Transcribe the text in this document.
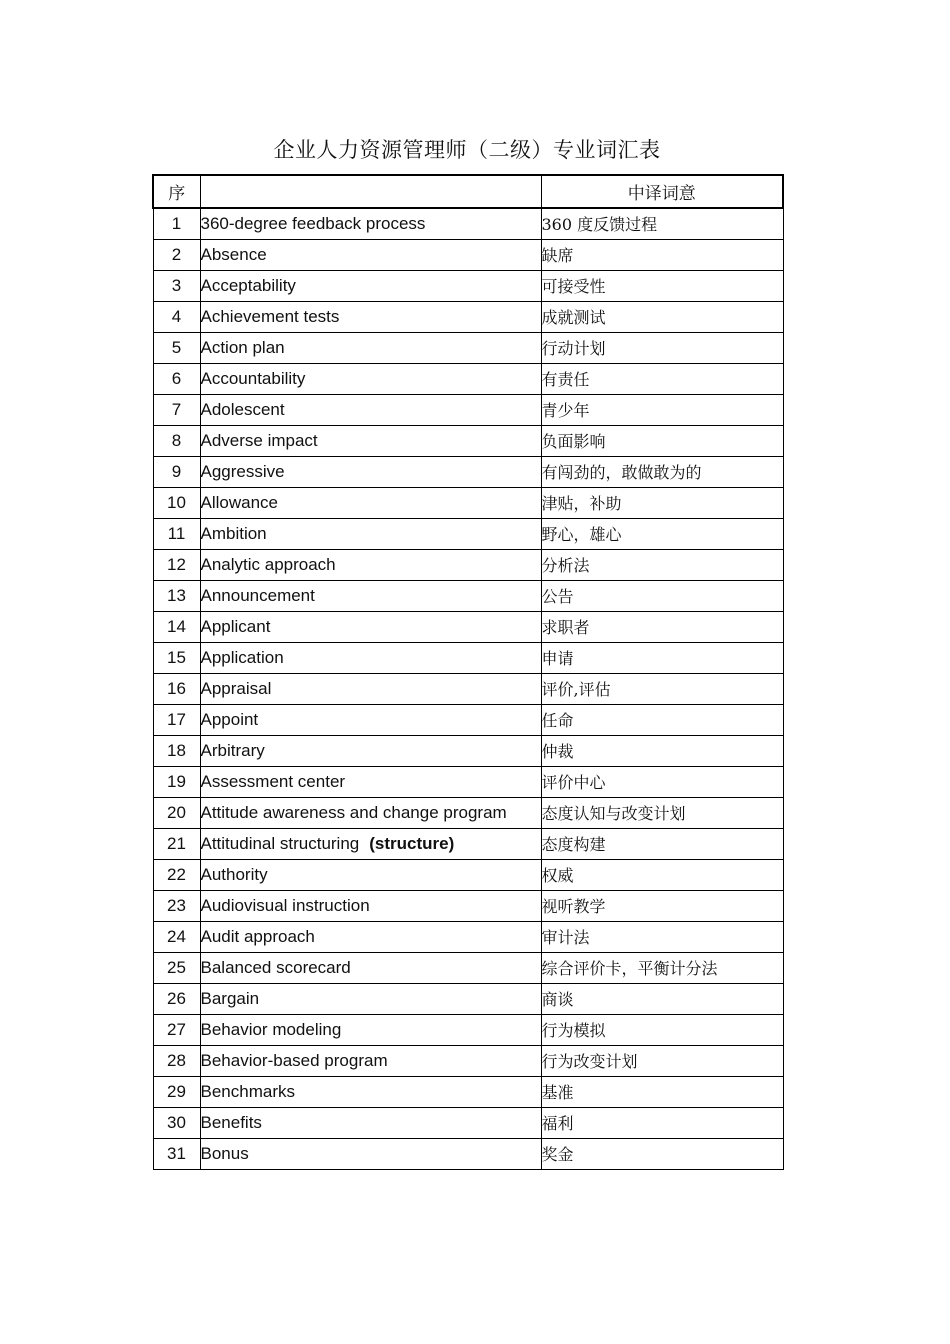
企业人力资源管理师（二级）专业词汇表
序		中译词意
1	360-degree feedback process	360 度反馈过程
2	Absence	缺席
3	Acceptability	可接受性
4	Achievement tests	成就测试
5	Action plan	行动计划
6	Accountability	有责任
7	Adolescent	青少年
8	Adverse impact	负面影响
9	Aggressive	有闯劲的，敢做敢为的
10	Allowance	津贴，补助
11	Ambition	野心，雄心
12	Analytic approach	分析法
13	Announcement	公告
14	Applicant	求职者
15	Application	申请
16	Appraisal	评价,评估
17	Appoint	任命
18	Arbitrary	仲裁
19	Assessment center	评价中心
20	Attitude awareness and change program	态度认知与改变计划
21	Attitudinal structuring (structure)	态度构建
22	Authority	权威
23	Audiovisual instruction	视听教学
24	Audit approach	审计法
25	Balanced scorecard	综合评价卡，平衡计分法
26	Bargain	商谈
27	Behavior modeling	行为模拟
28	Behavior-based program	行为改变计划
29	Benchmarks	基准
30	Benefits	福利
31	Bonus	奖金
